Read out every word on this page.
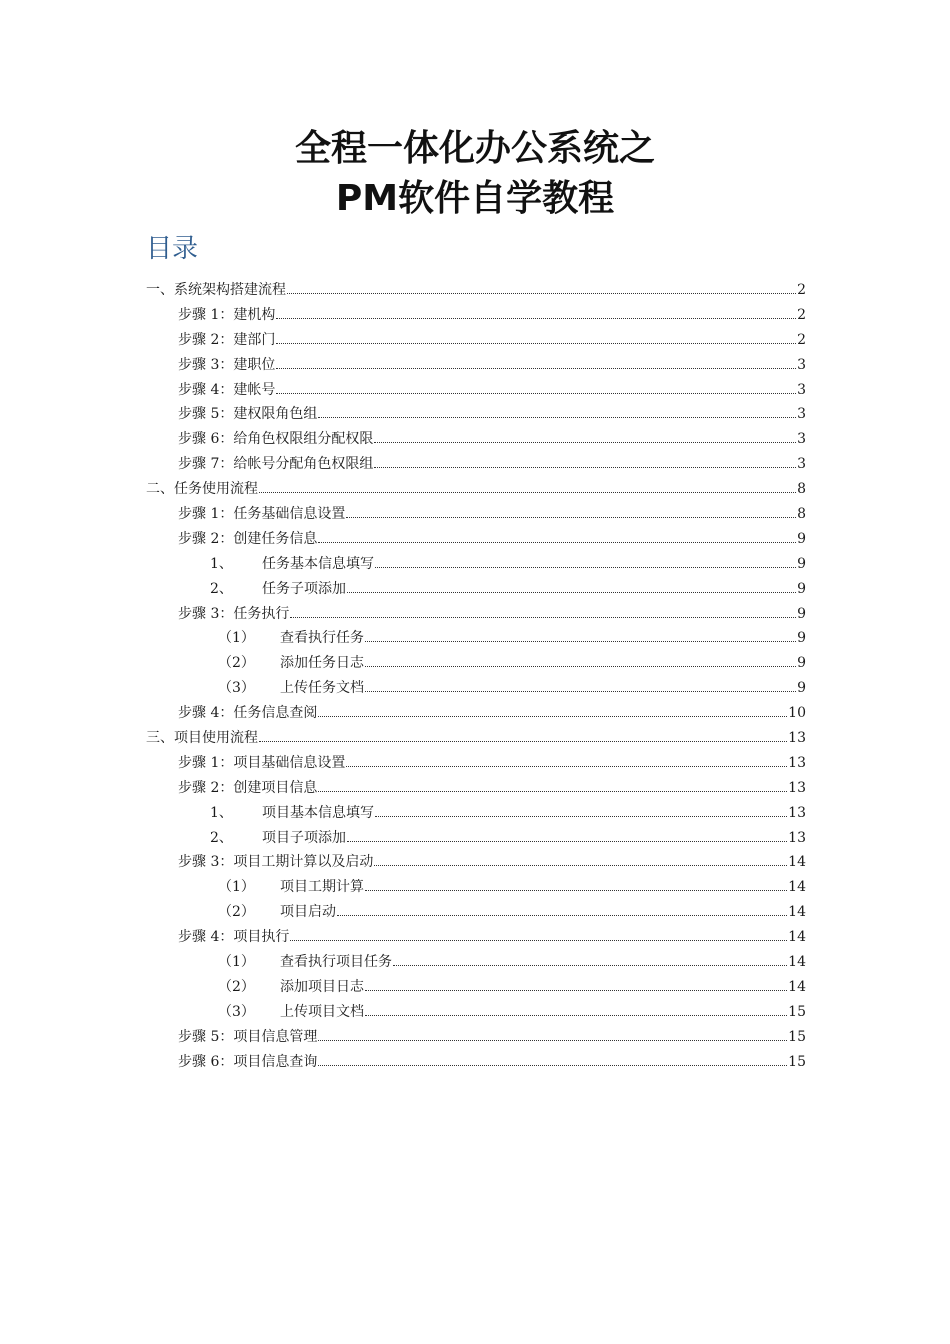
全程一体化办公系统之
PM软件自学教程
目录
一、系统架构搭建流程	2
步骤 1：建机构	2
步骤 2：建部门	2
步骤 3：建职位	3
步骤 4：建帐号	3
步骤 5：建权限角色组	3
步骤 6：给角色权限组分配权限	3
步骤 7：给帐号分配角色权限组	3
二、任务使用流程	8
步骤 1：任务基础信息设置	8
步骤 2：创建任务信息	9
1、	任务基本信息填写	9
2、	任务子项添加	9
步骤 3：任务执行	9
（1）	查看执行任务	9
（2）	添加任务日志	9
（3）	上传任务文档	9
步骤 4：任务信息查阅	10
三、项目使用流程	13
步骤 1：项目基础信息设置	13
步骤 2：创建项目信息	13
1、	项目基本信息填写	13
2、	项目子项添加	13
步骤 3：项目工期计算以及启动	14
（1）	项目工期计算	14
（2）	项目启动	14
步骤 4：项目执行	14
（1）	查看执行项目任务	14
（2）	添加项目日志	14
（3）	上传项目文档	15
步骤 5：项目信息管理	15
步骤 6：项目信息查询	15
